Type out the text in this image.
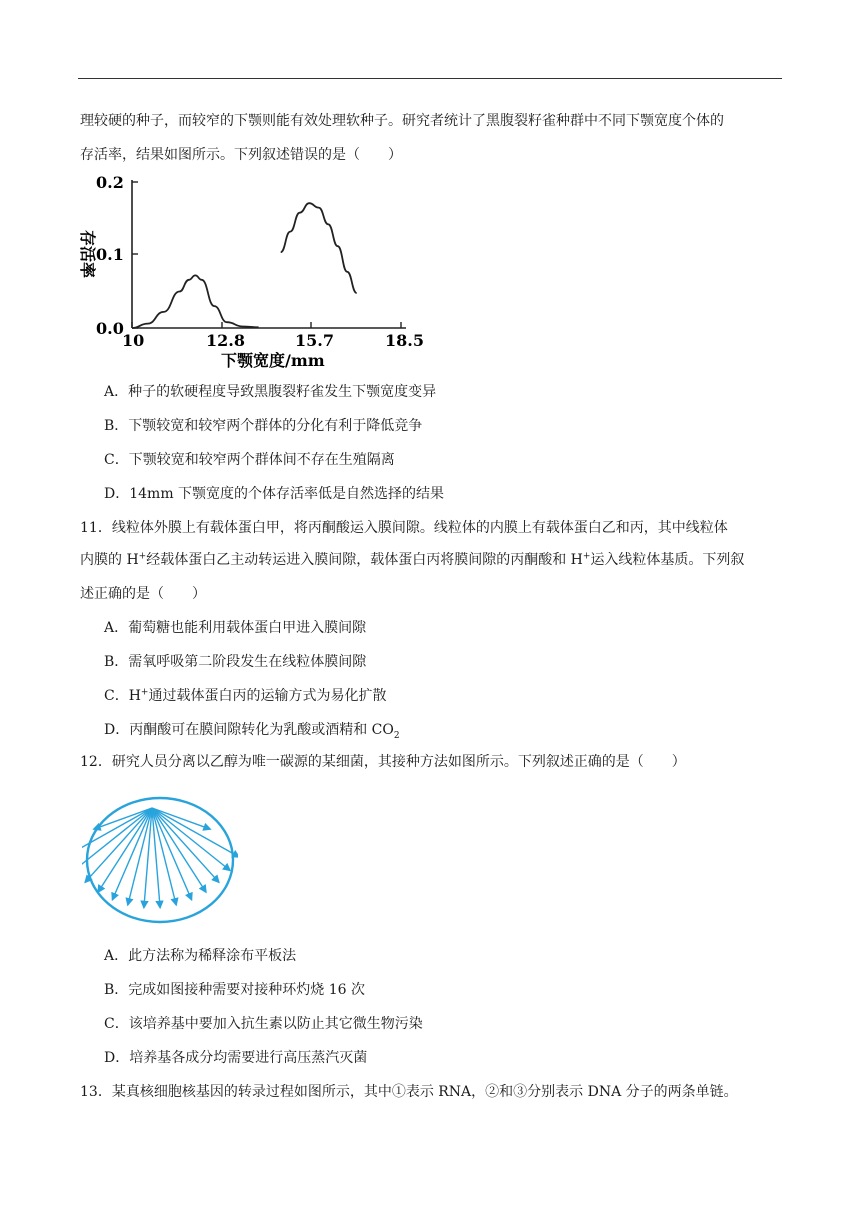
理较硬的种子，而较窄的下颚则能有效处理软种子。研究者统计了黑腹裂籽雀种群中不同下颚宽度个体的
存活率，结果如图所示。下列叙述错误的是（　　）
0.0
0.1
0.2
10	12.8	15.7	18.5
下颚宽度/mm
存活率
A．种子的软硬程度导致黑腹裂籽雀发生下颚宽度变异
B．下颚较宽和较窄两个群体的分化有利于降低竞争
C．下颚较宽和较窄两个群体间不存在生殖隔离
D．14mm 下颚宽度的个体存活率低是自然选择的结果
11．线粒体外膜上有载体蛋白甲，将丙酮酸运入膜间隙。线粒体的内膜上有载体蛋白乙和丙，其中线粒体
内膜的 H+经载体蛋白乙主动转运进入膜间隙，载体蛋白丙将膜间隙的丙酮酸和 H+运入线粒体基质。下列叙
述正确的是（　　）
A．葡萄糖也能利用载体蛋白甲进入膜间隙
B．需氧呼吸第二阶段发生在线粒体膜间隙
C．H+通过载体蛋白丙的运输方式为易化扩散
D．丙酮酸可在膜间隙转化为乳酸或酒精和 $CO_2$
12．研究人员分离以乙醇为唯一碳源的某细菌，其接种方法如图所示。下列叙述正确的是（　　）
A．此方法称为稀释涂布平板法
B．完成如图接种需要对接种环灼烧 16 次
C．该培养基中要加入抗生素以防止其它微生物污染
D．培养基各成分均需要进行高压蒸汽灭菌
13．某真核细胞核基因的转录过程如图所示，其中①表示 RNA，②和③分别表示 DNA 分子的两条单链。
